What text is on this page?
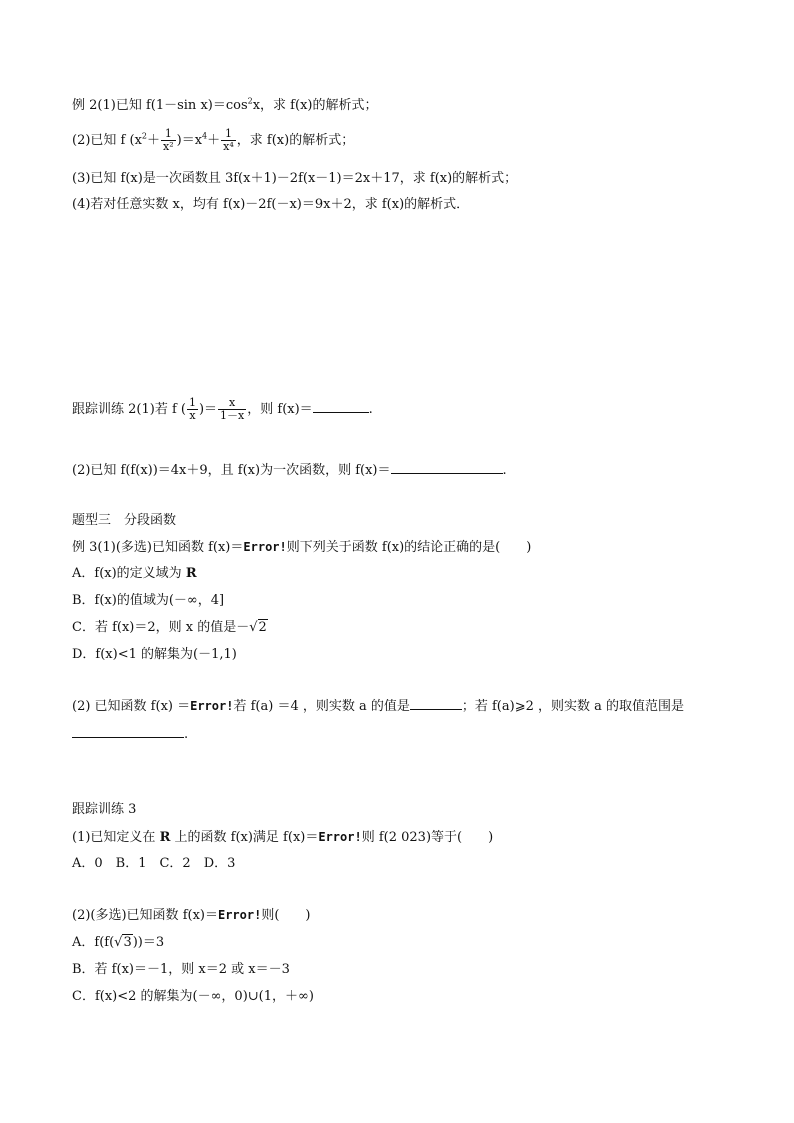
例 2(1)已知 f(1－sin $x)=\cos^2x$，求 f(x)的解析式；
(2)已知 f $(x^2+ \frac{1}{\text{x²}} )=x^4+ \frac{1}{\text{x⁴}}$ ，求 f(x)的解析式；
(3)已知 f(x)是一次函数且 3f(x＋1)－2f(x－1)＝2x＋17，求 f(x)的解析式；
(4)若对任意实数 x，均有 f(x)－2f(－x)＝9x＋2，求 f(x)的解析式．
跟踪训练 2(1)若 f ( $\frac{1}{x}$ )＝ $\frac{x}{1-x}$ ，则 f(x)＝	.
(2)已知 f(f(x))＝4x＋9，且 f(x)为一次函数，则 f(x)＝	.
题型三　分段函数
例 3(1)(多选)已知函数 f(x)＝Error!则下列关于函数 f(x)的结论正确的是(　　)
A．f(x)的定义域为 R
B．f(x)的值域为(－∞，4]
C．若 f(x)＝2，则 x 的值是－√2
D．f(x)<1 的解集为(－1,1)
(2) 已知函数 f(x) ＝Error!若 f(a) ＝4 ，则实数 a 的值是	；若 f(a)⩾2 ，则实数 a 的取值范围是
.
跟踪训练 3
(1)已知定义在 R 上的函数 f(x)满足 f(x)＝Error!则 f(2 023)等于(　　)
A．0　B．1　C．2　D．3
(2)(多选)已知函数 f(x)＝Error!则(　　)
A．f(f(√3))＝3
B．若 f(x)＝－1，则 x＝2 或 x＝－3
C．f(x)<2 的解集为(－∞，0)∪(1，＋∞)
